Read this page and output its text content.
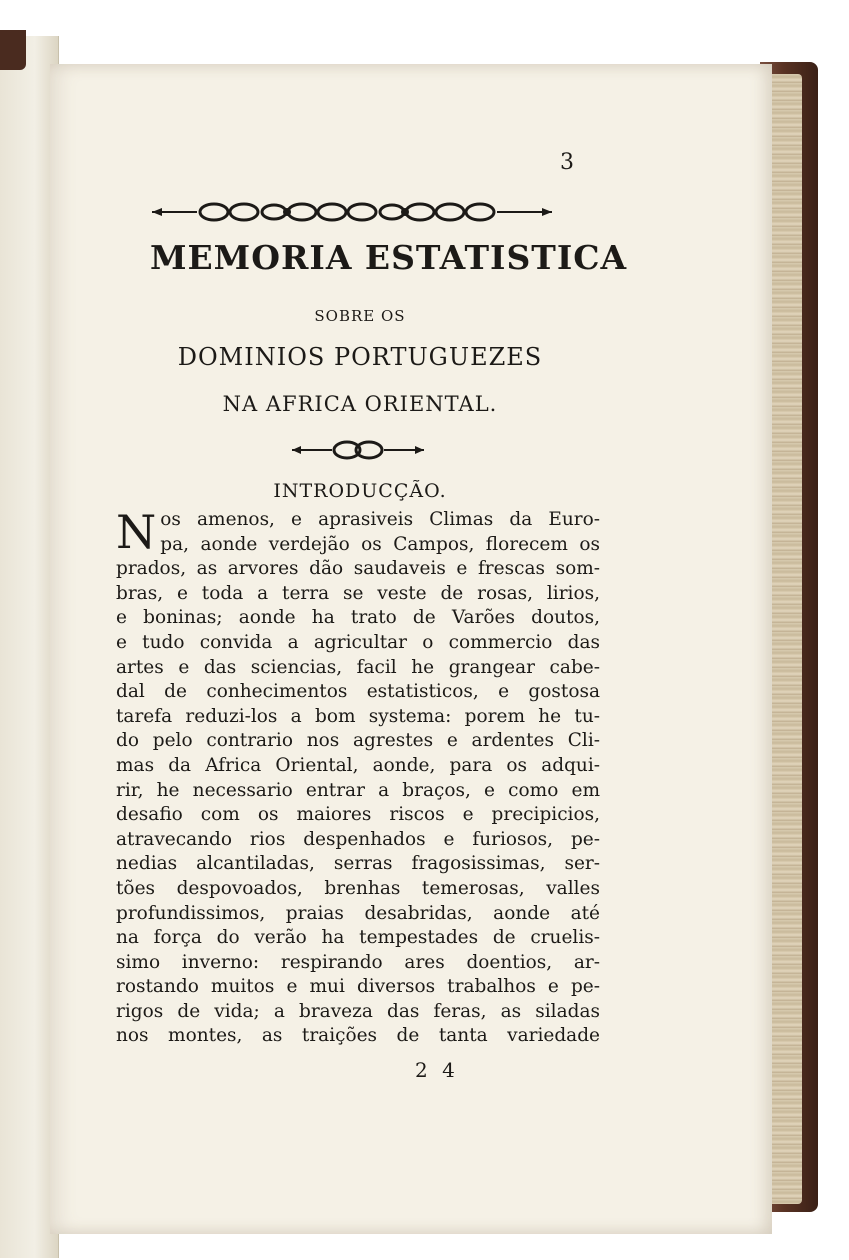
3
MEMORIA ESTATISTICA
SOBRE OS
DOMINIOS PORTUGUEZES
NA AFRICA ORIENTAL.
INTRODUCÇÃO.
N os amenos, e aprasiveis Climas da Euro-
pa, aonde verdejão os Campos, florecem os
prados, as arvores dão saudaveis e frescas som-
bras, e toda a terra se veste de rosas, lirios,
e boninas; aonde ha trato de Varões doutos,
e tudo convida a agricultar o commercio das
artes e das sciencias, facil he grangear cabe-
dal de conhecimentos estatisticos, e gostosa
tarefa reduzi-los a bom systema: porem he tu-
do pelo contrario nos agrestes e ardentes Cli-
mas da Africa Oriental, aonde, para os adqui-
rir, he necessario entrar a braços, e como em
desafio com os maiores riscos e precipicios,
atravecando rios despenhados e furiosos, pe-
nedias alcantiladas, serras fragosissimas, ser-
tões despovoados, brenhas temerosas, valles
profundissimos, praias desabridas, aonde até
na força do verão ha tempestades de cruelis-
simo inverno: respirando ares doentios, ar-
rostando muitos e mui diversos trabalhos e pe-
rigos de vida; a braveza das feras, as siladas
nos montes, as traições de tanta variedade
2 4
